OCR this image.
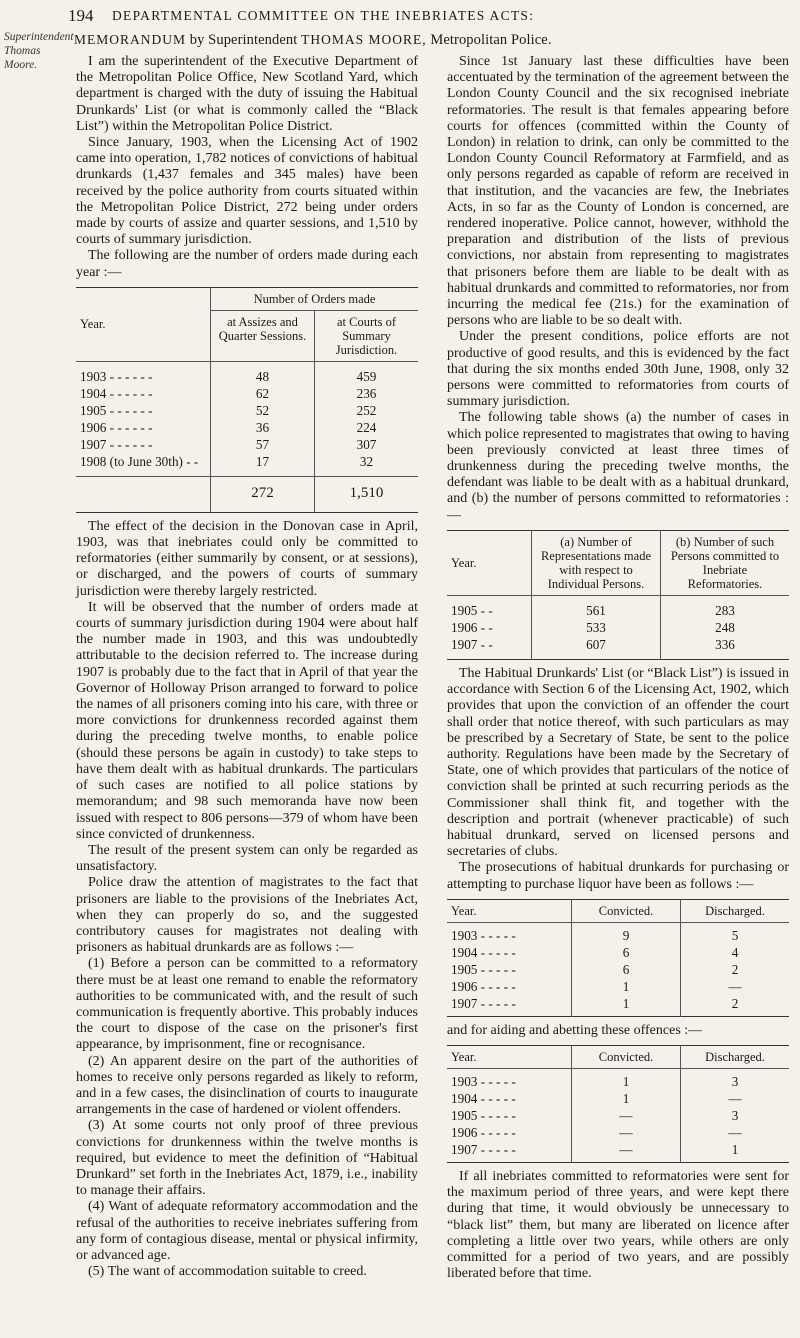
Superintendent Thomas Moore.
194 DEPARTMENTAL COMMITTEE ON THE INEBRIATES ACTS:
MEMORANDUM by Superintendent THOMAS MOORE, Metropolitan Police.

I am the superintendent of the Executive Department of the Metropolitan Police Office, New Scotland Yard, which department is charged with the duty of issuing the Habitual Drunkards' List (or what is commonly called the “Black List”) within the Metropolitan Police District.

Since January, 1903, when the Licensing Act of 1902 came into operation, 1,782 notices of convictions of habitual drunkards (1,437 females and 345 males) have been received by the police authority from courts situated within the Metropolitan Police District, 272 being under orders made by courts of assize and quarter sessions, and 1,510 by courts of summary jurisdiction.

The following are the number of orders made during each year :—

Year.	Number of Orders made	
	at Assizes and Quarter Sessions.	at Courts of Summary Jurisdiction.
1903 - - - - - -	48	459
1904 - - - - - -	62	236
1905 - - - - - -	52	252
1906 - - - - - -	36	224
1907 - - - - - -	57	307
1908 (to June 30th) - -	17	32
	272	1,510

The effect of the decision in the Donovan case in April, 1903, was that inebriates could only be committed to reformatories (either summarily by consent, or at sessions), or discharged, and the powers of courts of summary jurisdiction were thereby largely restricted.

It will be observed that the number of orders made at courts of summary jurisdiction during 1904 were about half the number made in 1903, and this was undoubtedly attributable to the decision referred to. The increase during 1907 is probably due to the fact that in April of that year the Governor of Holloway Prison arranged to forward to police the names of all prisoners coming into his care, with three or more convictions for drunkenness recorded against them during the preceding twelve months, to enable police (should these persons be again in custody) to take steps to have them dealt with as habitual drunkards. The particulars of such cases are notified to all police stations by memorandum; and 98 such memoranda have now been issued with respect to 806 persons—379 of whom have been since convicted of drunkenness.

The result of the present system can only be regarded as unsatisfactory.

Police draw the attention of magistrates to the fact that prisoners are liable to the provisions of the Inebriates Act, when they can properly do so, and the suggested contributory causes for magistrates not dealing with prisoners as habitual drunkards are as follows :—

(1) Before a person can be committed to a reformatory there must be at least one remand to enable the reformatory authorities to be communicated with, and the result of such communication is frequently abortive. This probably induces the court to dispose of the case on the prisoner's first appearance, by imprisonment, fine or recognisance.

(2) An apparent desire on the part of the authorities of homes to receive only persons regarded as likely to reform, and in a few cases, the disinclination of courts to inaugurate arrangements in the case of hardened or violent offenders.

(3) At some courts not only proof of three previous convictions for drunkenness within the twelve months is required, but evidence to meet the definition of “Habitual Drunkard” set forth in the Inebriates Act, 1879, i.e., inability to manage their affairs.

(4) Want of adequate reformatory accommodation and the refusal of the authorities to receive inebriates suffering from any form of contagious disease, mental or physical infirmity, or advanced age.

(5) The want of accommodation suitable to creed.

Since 1st January last these difficulties have been accentuated by the termination of the agreement between the London County Council and the six recognised inebriate reformatories. The result is that females appearing before courts for offences (committed within the County of London) in relation to drink, can only be committed to the London County Council Reformatory at Farmfield, and as only persons regarded as capable of reform are received in that institution, and the vacancies are few, the Inebriates Acts, in so far as the County of London is concerned, are rendered inoperative. Police cannot, however, withhold the preparation and distribution of the lists of previous convictions, nor abstain from representing to magistrates that prisoners before them are liable to be dealt with as habitual drunkards and committed to reformatories, nor from incurring the medical fee (21s.) for the examination of persons who are liable to be so dealt with.

Under the present conditions, police efforts are not productive of good results, and this is evidenced by the fact that during the six months ended 30th June, 1908, only 32 persons were committed to reformatories from courts of summary jurisdiction.

The following table shows (a) the number of cases in which police represented to magistrates that owing to having been previously convicted at least three times of drunkenness during the preceding twelve months, the defendant was liable to be dealt with as a habitual drunkard, and (b) the number of persons committed to reformatories :—

Year.	(a) Number of Representations made with respect to Individual Persons.	(b) Number of such Persons committed to Inebriate Reformatories.
1905 - -	561	283
1906 - -	533	248
1907 - -	607	336

The Habitual Drunkards' List (or “Black List”) is issued in accordance with Section 6 of the Licensing Act, 1902, which provides that upon the conviction of an offender the court shall order that notice thereof, with such particulars as may be prescribed by a Secretary of State, be sent to the police authority. Regulations have been made by the Secretary of State, one of which provides that particulars of the notice of conviction shall be printed at such recurring periods as the Commissioner shall think fit, and together with the description and portrait (whenever practicable) of such habitual drunkard, served on licensed persons and secretaries of clubs.

The prosecutions of habitual drunkards for purchasing or attempting to purchase liquor have been as follows :—

Year.	Convicted.	Discharged.
1903 - - - - -	9	5
1904 - - - - -	6	4
1905 - - - - -	6	2
1906 - - - - -	1	—
1907 - - - - -	1	2

and for aiding and abetting these offences :—

Year.	Convicted.	Discharged.
1903 - - - - -	1	3
1904 - - - - -	1	—
1905 - - - - -	—	3
1906 - - - - -	—	—
1907 - - - - -	—	1

If all inebriates committed to reformatories were sent for the maximum period of three years, and were kept there during that time, it would obviously be unnecessary to “black list” them, but many are liberated on licence after completing a little over two years, while others are only committed for a period of two years, and are possibly liberated before that time.
